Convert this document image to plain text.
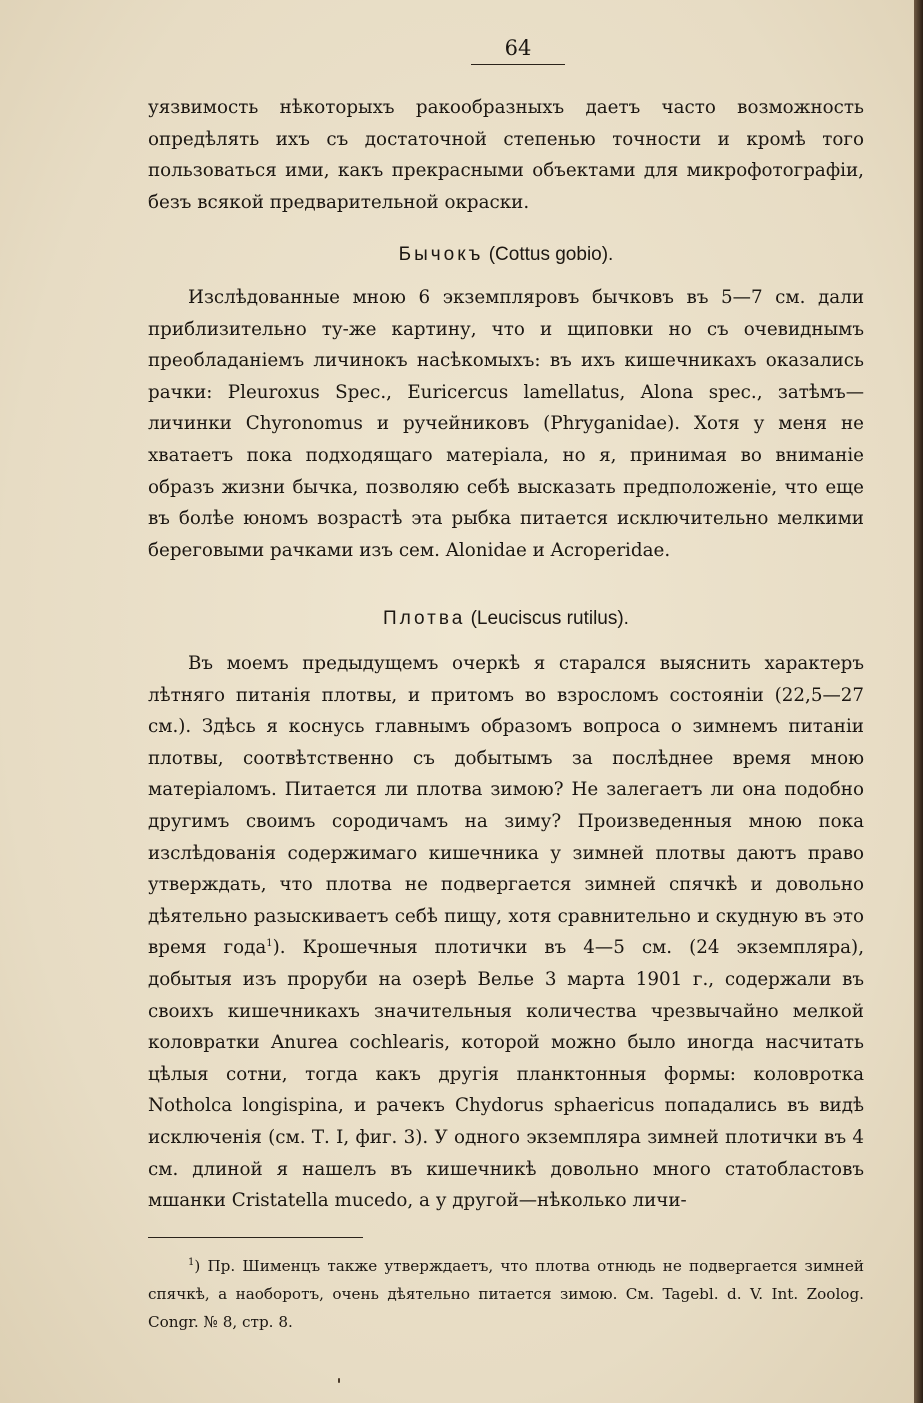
64
уязвимость нѣкоторыхъ ракообразныхъ даетъ часто возможность опредѣлять ихъ съ достаточной степенью точности и кромѣ того пользоваться ими, какъ прекрасными объектами для микрофотографіи, безъ всякой предварительной окраски.
Бычокъ (Cottus gobio).
Изслѣдованные мною 6 экземпляровъ бычковъ въ 5—7 см. дали приблизительно ту-же картину, что и щиповки но съ очевиднымъ преобладаніемъ личинокъ насѣкомыхъ: въ ихъ кишечникахъ оказались рачки: Pleuroxus Spec., Euricercus lamellatus, Alona spec., затѣмъ—личинки Chyronomus и ручейниковъ (Phryganidae). Хотя у меня не хватаетъ пока подходящаго матеріала, но я, принимая во вниманіе образъ жизни бычка, позволяю себѣ высказать предположеніе, что еще въ болѣе юномъ возрастѣ эта рыбка питается исключительно мелкими береговыми рачками изъ сем. Alonidae и Acroperidae.
Плотва (Leuciscus rutilus).
Въ моемъ предыдущемъ очеркѣ я старался выяснить характеръ лѣтняго питанія плотвы, и притомъ во взросломъ состояніи (22,5—27 см.). Здѣсь я коснусь главнымъ образомъ вопроса о зимнемъ питаніи плотвы, соотвѣтственно съ добытымъ за послѣднее время мною матеріаломъ. Питается ли плотва зимою? Не залегаетъ ли она подобно другимъ своимъ сородичамъ на зиму? Произведенныя мною пока изслѣдованія содержимаго кишечника у зимней плотвы даютъ право утверждать, что плотва не подвергается зимней спячкѣ и довольно дѣятельно разыскиваетъ себѣ пищу, хотя сравнительно и скудную въ это время года$^1$). Крошечныя плотички въ 4—5 см. (24 экземпляра), добытыя изъ проруби на озерѣ Велье 3 марта 1901 г., содержали въ своихъ кишечникахъ значительныя количества чрезвычайно мелкой коловратки Anurea cochlearis, которой можно было иногда насчитать цѣлыя сотни, тогда какъ другія планктонныя формы: коловротка Notholca longispina, и рачекъ Chydorus sphaericus попадались въ видѣ исключенія (см. Т. I, фиг. 3). У одного экземпляра зимней плотички въ 4 см. длиной я нашелъ въ кишечникѣ довольно много статобластовъ мшанки Cristatella mucedo, а у другой—нѣколько личи-
$^1$) Пр. Шименцъ также утверждаетъ, что плотва отнюдь не подвергается зимней спячкѣ, а наоборотъ, очень дѣятельно питается зимою. См. Tagebl. d. V. Int. Zoolog. Congr. № 8, стр. 8.
